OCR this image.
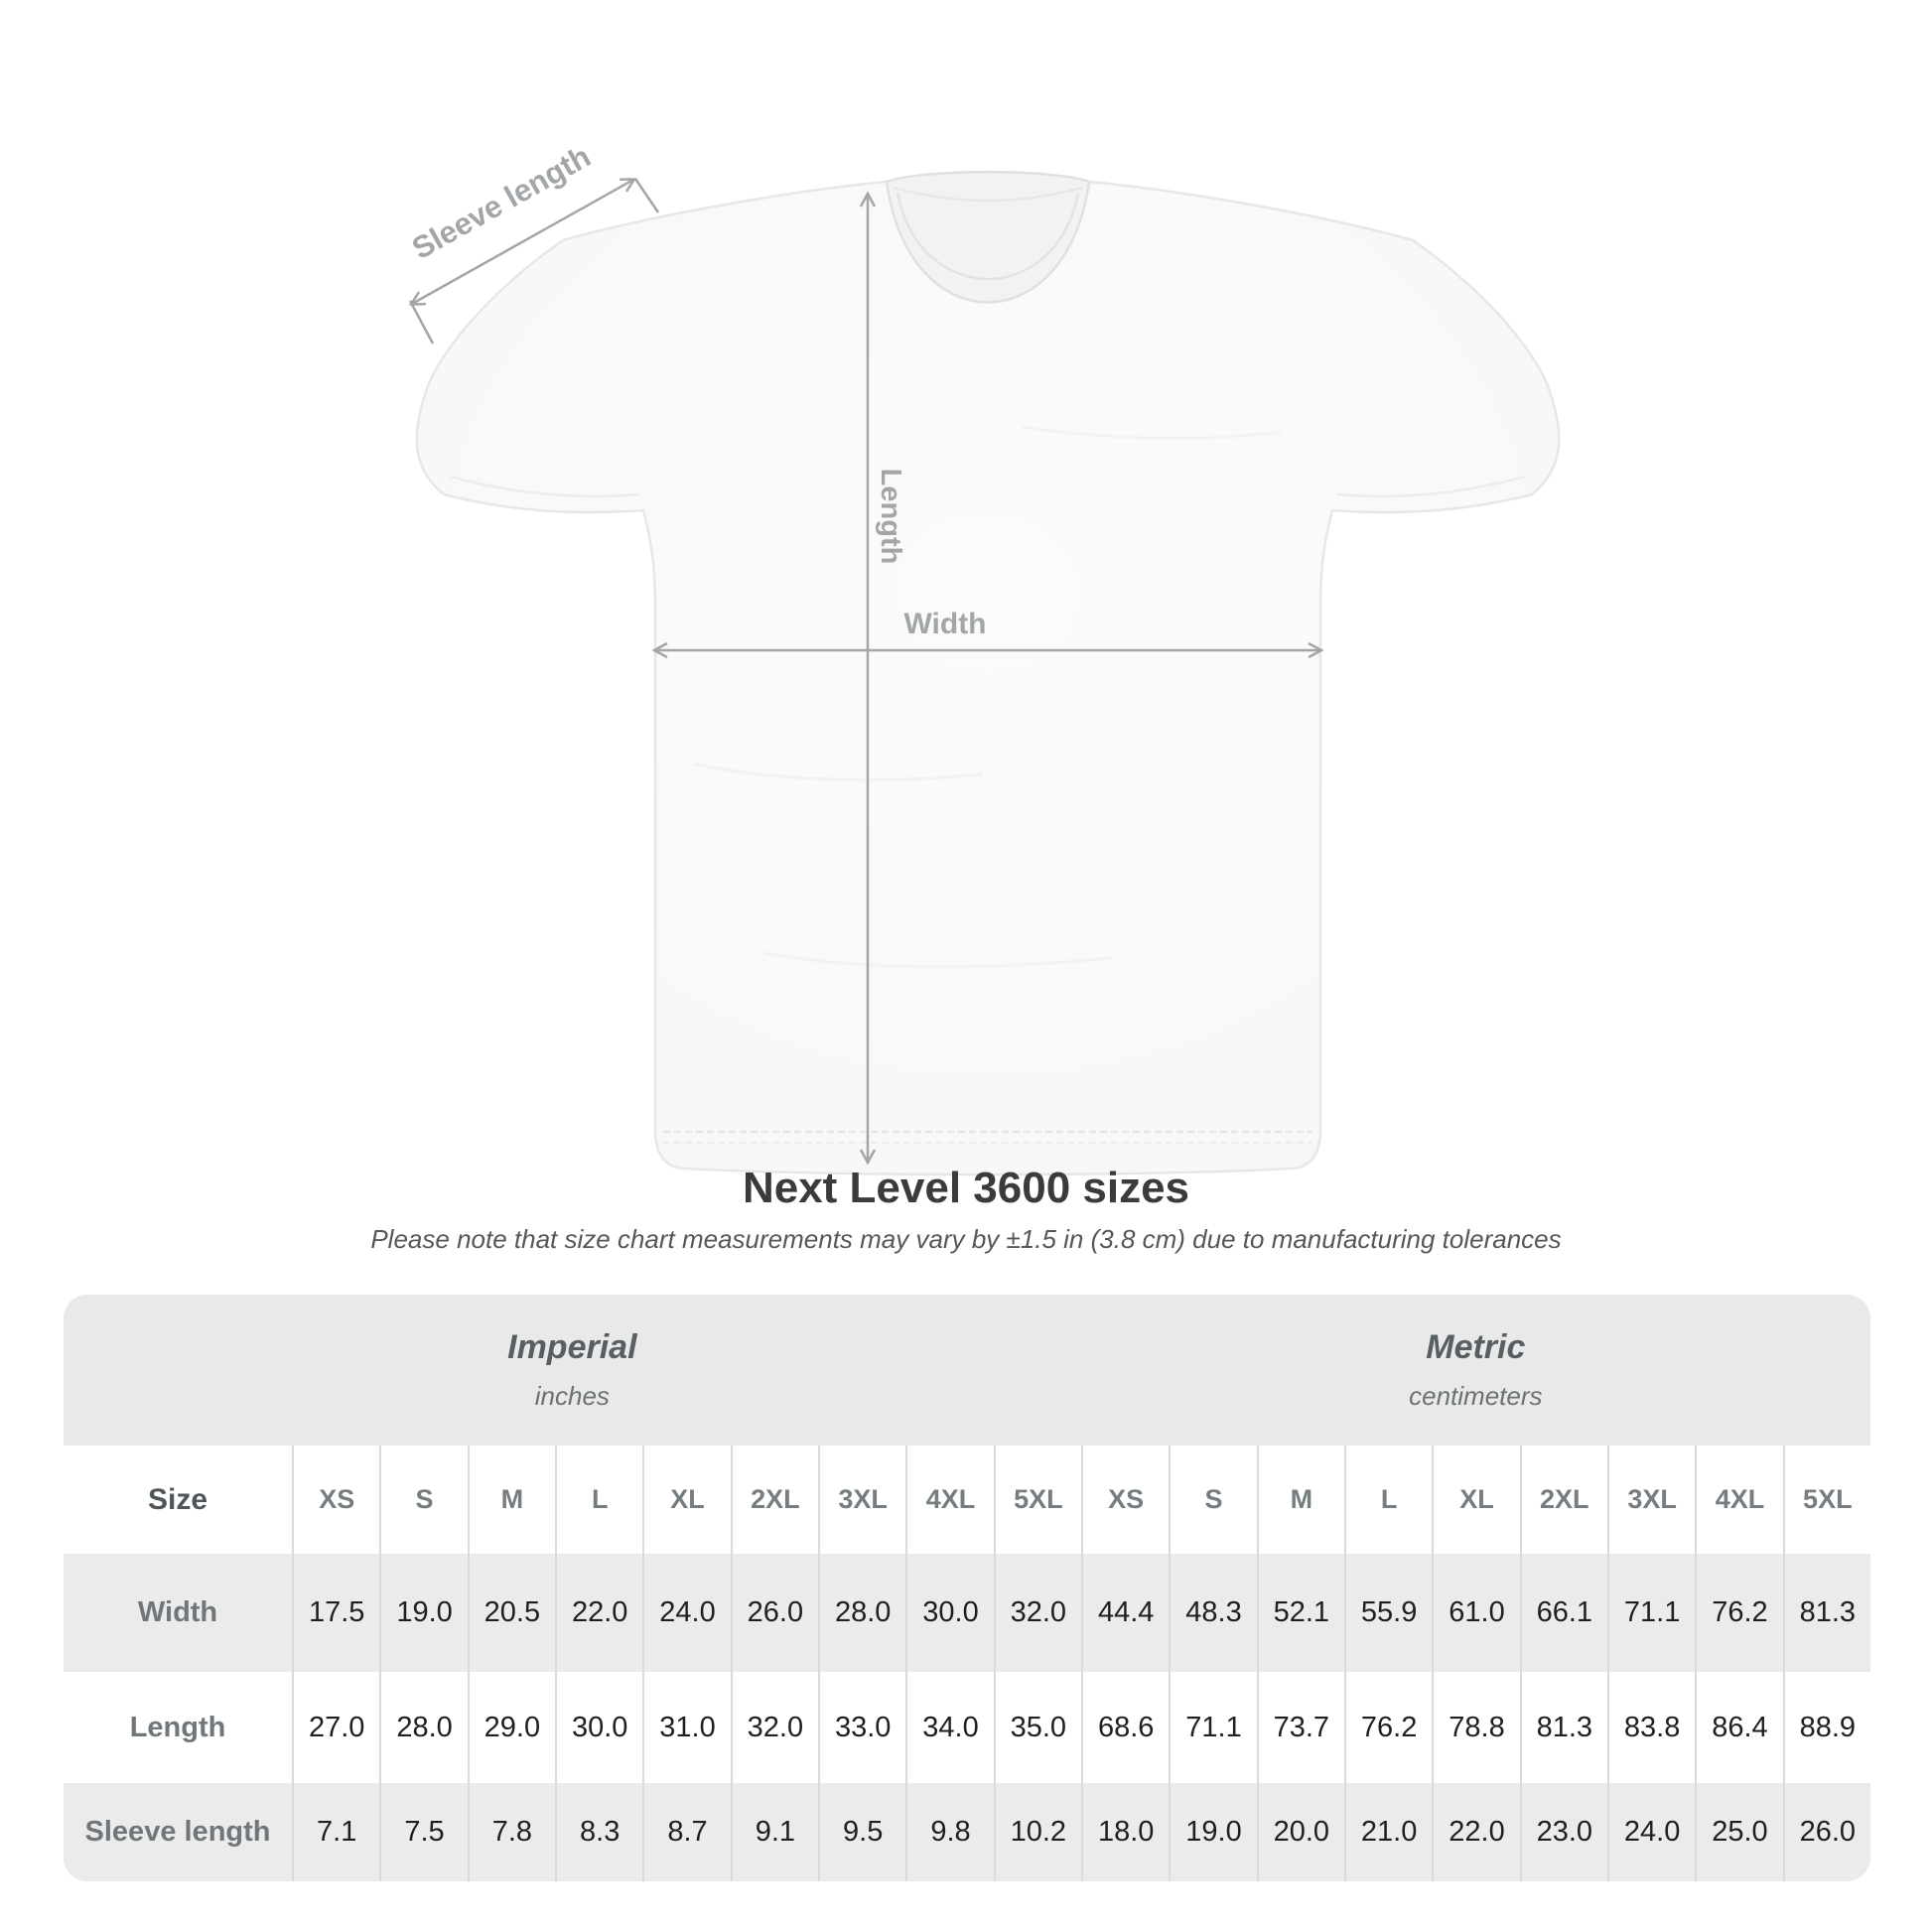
Sleeve length
Length
Width
Next Level 3600 sizes

Please note that size chart measurements may vary by ±1.5 in (3.8 cm) due to manufacturing tolerances

Imperial
inches
Metric
centimeters
Size	XS	S	M	L	XL	2XL	3XL	4XL	5XL	XS	S	M	L	XL	2XL	3XL	4XL	5XL
Width	17.5	19.0	20.5	22.0	24.0	26.0	28.0	30.0	32.0	44.4	48.3	52.1	55.9	61.0	66.1	71.1	76.2	81.3
Length	27.0	28.0	29.0	30.0	31.0	32.0	33.0	34.0	35.0	68.6	71.1	73.7	76.2	78.8	81.3	83.8	86.4	88.9
Sleeve length	7.1	7.5	7.8	8.3	8.7	9.1	9.5	9.8	10.2	18.0	19.0	20.0	21.0	22.0	23.0	24.0	25.0	26.0
